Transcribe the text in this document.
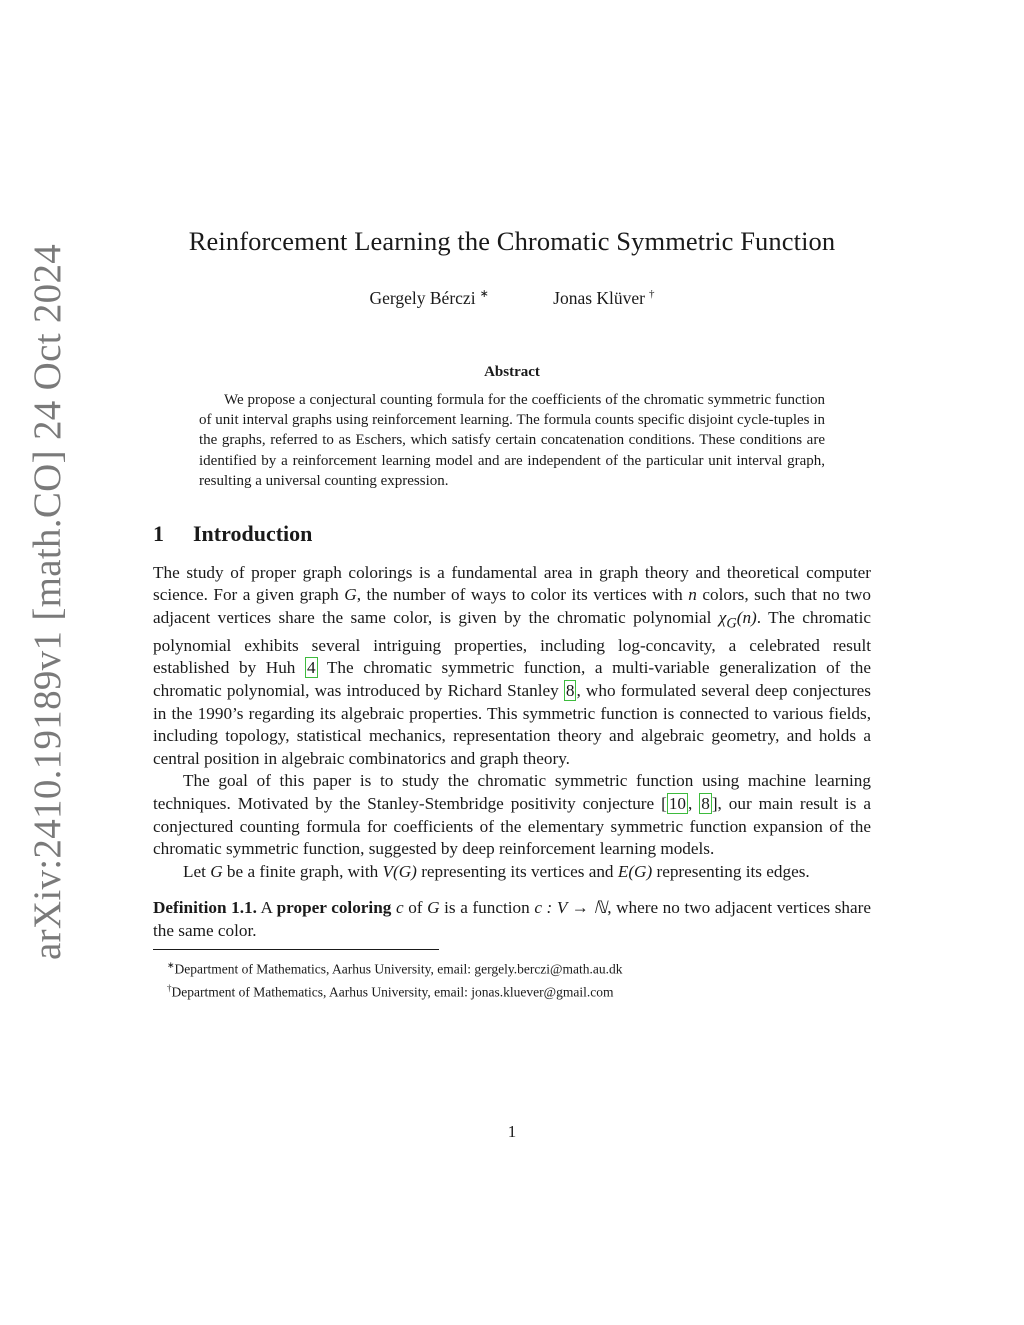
arXiv:2410.19189v1 [math.CO] 24 Oct 2024
Reinforcement Learning the Chromatic Symmetric Function
Gergely Bérczi ∗	Jonas Klüver †
Abstract
We propose a conjectural counting formula for the coefficients of the chromatic symmetric function of unit interval graphs using reinforcement learning. The formula counts specific disjoint cycle-tuples in the graphs, referred to as Eschers, which satisfy certain concatenation conditions. These conditions are identified by a reinforcement learning model and are independent of the particular unit interval graph, resulting a universal counting expression.
1 Introduction

The study of proper graph colorings is a fundamental area in graph theory and theoretical computer science. For a given graph G, the number of ways to color its vertices with n colors, such that no two adjacent vertices share the same color, is given by the chromatic polynomial $\chi_G(n)$. The chromatic polynomial exhibits several intriguing properties, including log-concavity, a celebrated result established by Huh 4 The chromatic symmetric function, a multi-variable generalization of the chromatic polynomial, was introduced by Richard Stanley 8 , who formulated several deep conjectures in the 1990’s regarding its algebraic properties. This symmetric function is connected to various fields, including topology, statistical mechanics, representation theory and algebraic geometry, and holds a central position in algebraic combinatorics and graph theory.

The goal of this paper is to study the chromatic symmetric function using machine learning techniques. Motivated by the Stanley-Stembridge positivity conjecture [ 10 , 8 ], our main result is a conjectured counting formula for coefficients of the elementary symmetric function expansion of the chromatic symmetric function, suggested by deep reinforcement learning models.

Let G be a finite graph, with V(G) representing its vertices and E(G) representing its edges.

Definition 1.1. A proper coloring c of G is a function c : V → ℕ, where no two adjacent vertices share the same color.

∗Department of Mathematics, Aarhus University, email: gergely.berczi@math.au.dk
†Department of Mathematics, Aarhus University, email: jonas.kluever@gmail.com
1
